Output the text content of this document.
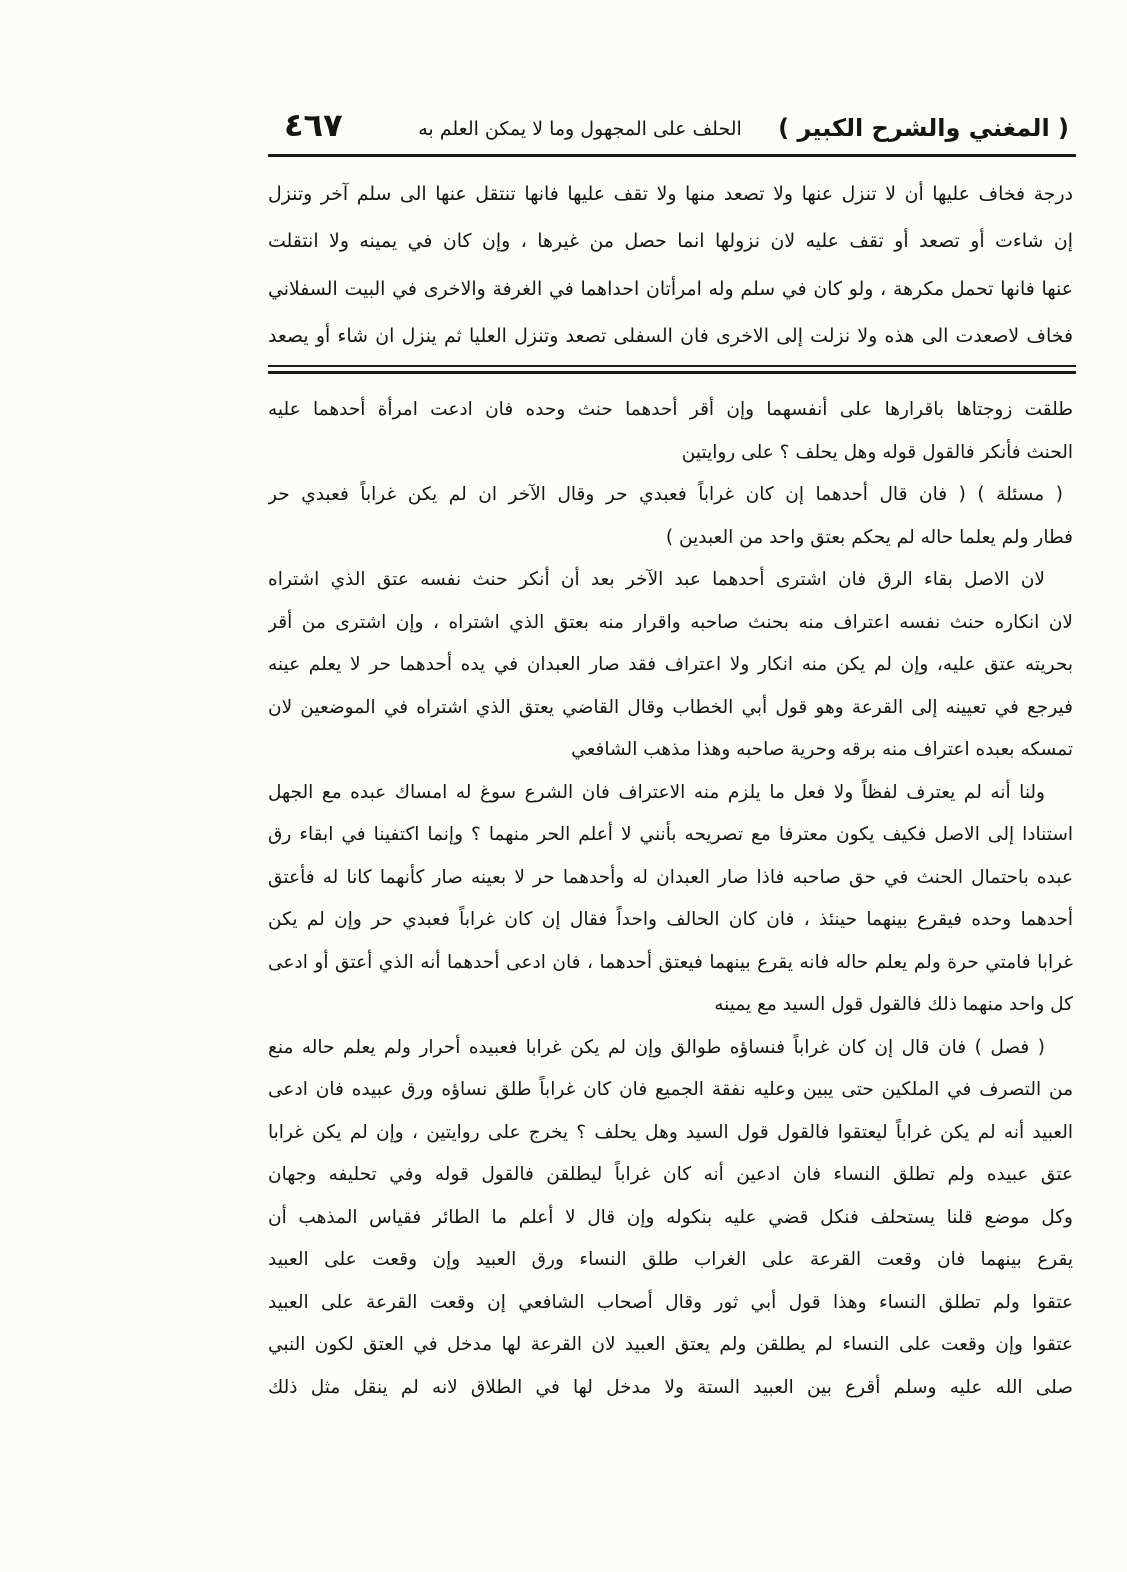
( المغني والشرح الكبير )
الحلف على المجهول وما لا يمكن العلم به
٤٦٧
درجة فخاف عليها أن لا تنزل عنها ولا تصعد منها ولا تقف عليها فانها تنتقل عنها الى سلم آخر وتنزل
إن شاءت أو تصعد أو تقف عليه لان نزولها انما حصل من غيرها ، وإن كان في يمينه ولا انتقلت
عنها فانها تحمل مكرهة ، ولو كان في سلم وله امرأتان احداهما في الغرفة والاخرى في البيت السفلاني
فخاف لاصعدت الى هذه ولا نزلت إلى الاخرى فان السفلى تصعد وتنزل العليا ثم ينزل ان شاء أو يصعد
طلقت زوجتاها باقرارها على أنفسهما وإن أقر أحدهما حنث وحده فان ادعت امرأة أحدهما عليه
الحنث فأنكر فالقول قوله وهل يحلف ؟ على روايتين
( مسئلة ) ( فان قال أحدهما إن كان غراباً فعبدي حر وقال الآخر ان لم يكن غراباً فعبدي حر
فطار ولم يعلما حاله لم يحكم بعتق واحد من العبدين )
لان الاصل بقاء الرق فان اشترى أحدهما عبد الآخر بعد أن أنكر حنث نفسه عتق الذي اشتراه
لان انكاره حنث نفسه اعتراف منه بحنث صاحبه واقرار منه بعتق الذي اشتراه ، وإن اشترى من أقر
بحريته عتق عليه، وإن لم يكن منه انكار ولا اعتراف فقد صار العبدان في يده أحدهما حر لا يعلم عينه
فيرجع في تعيينه إلى القرعة وهو قول أبي الخطاب وقال القاضي يعتق الذي اشتراه في الموضعين لان
تمسكه بعبده اعتراف منه برقه وحرية صاحبه وهذا مذهب الشافعي
ولنا أنه لم يعترف لفظاً ولا فعل ما يلزم منه الاعتراف فان الشرع سوغ له امساك عبده مع الجهل
استنادا إلى الاصل فكيف يكون معترفا مع تصريحه بأنني لا أعلم الحر منهما ؟ وإنما اكتفينا في ابقاء رق
عبده باحتمال الحنث في حق صاحبه فاذا صار العبدان له وأحدهما حر لا بعينه صار كأنهما كانا له فأعتق
أحدهما وحده فيقرع بينهما حينئذ ، فان كان الحالف واحداً فقال إن كان غراباً فعبدي حر وإن لم يكن
غرابا فامتي حرة ولم يعلم حاله فانه يقرع بينهما فيعتق أحدهما ، فان ادعى أحدهما أنه الذي أعتق أو ادعى
كل واحد منهما ذلك فالقول قول السيد مع يمينه
( فصل ) فان قال إن كان غراباً فنساؤه طوالق وإن لم يكن غرابا فعبيده أحرار ولم يعلم حاله منع
من التصرف في الملكين حتى يبين وعليه نفقة الجميع فان كان غراباً طلق نساؤه ورق عبيده فان ادعى
العبيد أنه لم يكن غراباً ليعتقوا فالقول قول السيد وهل يحلف ؟ يخرج على روايتين ، وإن لم يكن غرابا
عتق عبيده ولم تطلق النساء فان ادعين أنه كان غراباً ليطلقن فالقول قوله وفي تحليفه وجهان
وكل موضع قلنا يستحلف فنكل قضي عليه بنكوله وإن قال لا أعلم ما الطائر فقياس المذهب أن
يقرع بينهما فان وقعت القرعة على الغراب طلق النساء ورق العبيد وإن وقعت على العبيد
عتقوا ولم تطلق النساء وهذا قول أبي ثور وقال أصحاب الشافعي إن وقعت القرعة على العبيد
عتقوا وإن وقعت على النساء لم يطلقن ولم يعتق العبيد لان القرعة لها مدخل في العتق لكون النبي
صلى الله عليه وسلم أقرع بين العبيد الستة ولا مدخل لها في الطلاق لانه لم ينقل مثل ذلك
